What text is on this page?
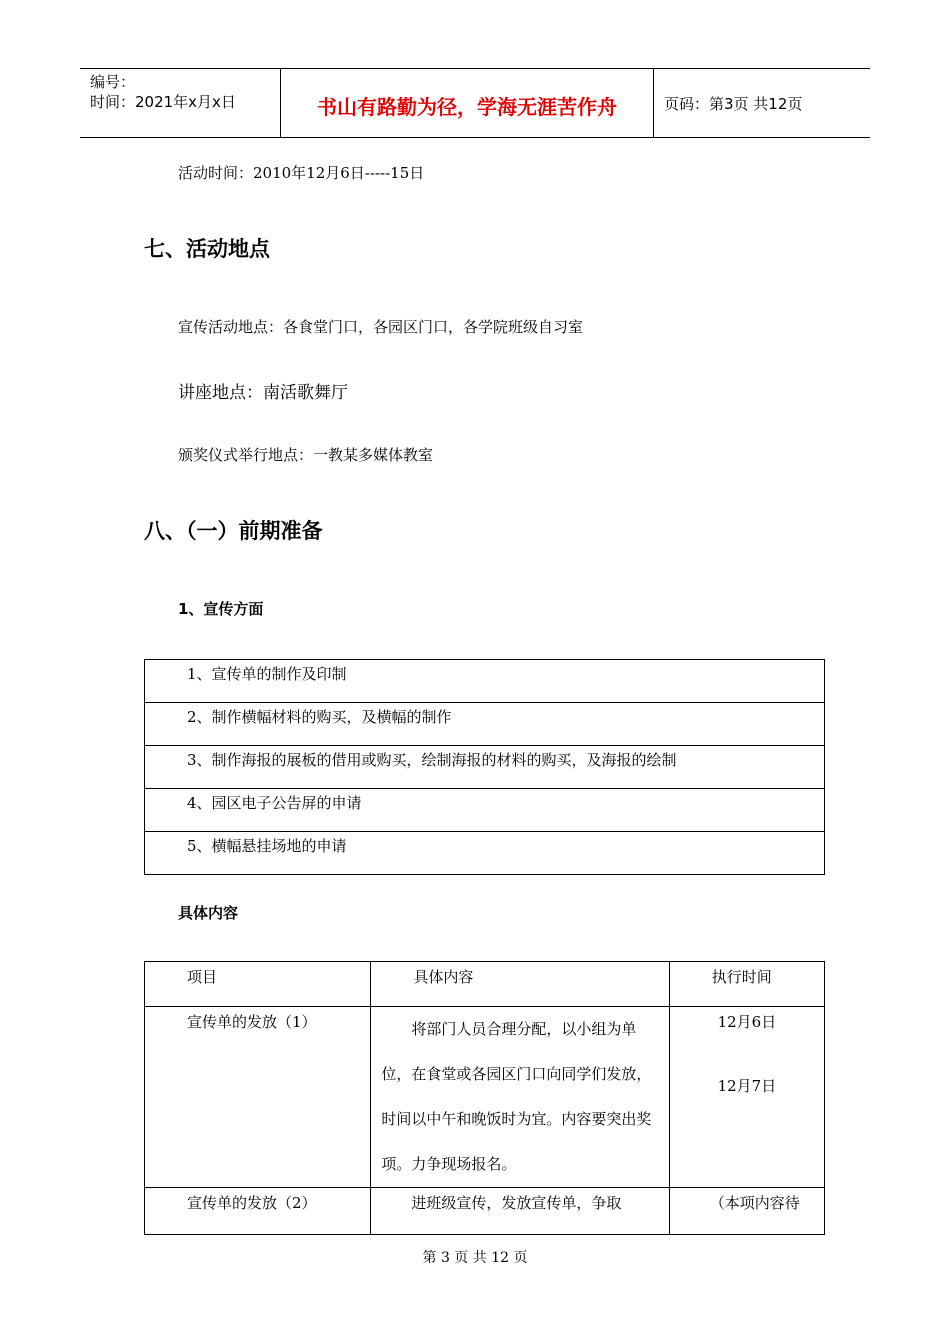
编号：
时间：2021年x月x日	书山有路勤为径，学海无涯苦作舟	页码：第3页 共12页
活动时间：2010年12月6日-----15日
七、活动地点
宣传活动地点：各食堂门口，各园区门口，各学院班级自习室
讲座地点：南活歌舞厅
颁奖仪式举行地点：一教某多媒体教室
八、（一）前期准备
1、宣传方面
1、宣传单的制作及印制
2、制作横幅材料的购买，及横幅的制作
3、制作海报的展板的借用或购买，绘制海报的材料的购买，及海报的绘制
4、园区电子公告屏的申请
5、横幅悬挂场地的申请
具体内容
项目	具体内容	执行时间
宣传单的发放（1）	将部门人员合理分配，以小组为单位，在食堂或各园区门口向同学们发放，时间以中午和晚饭时为宜。内容要突出奖项。力争现场报名。	12月6日
12月7日

宣传单的发放（2）	进班级宣传，发放宣传单，争取	（本项内容待
第 3 页 共 12 页
